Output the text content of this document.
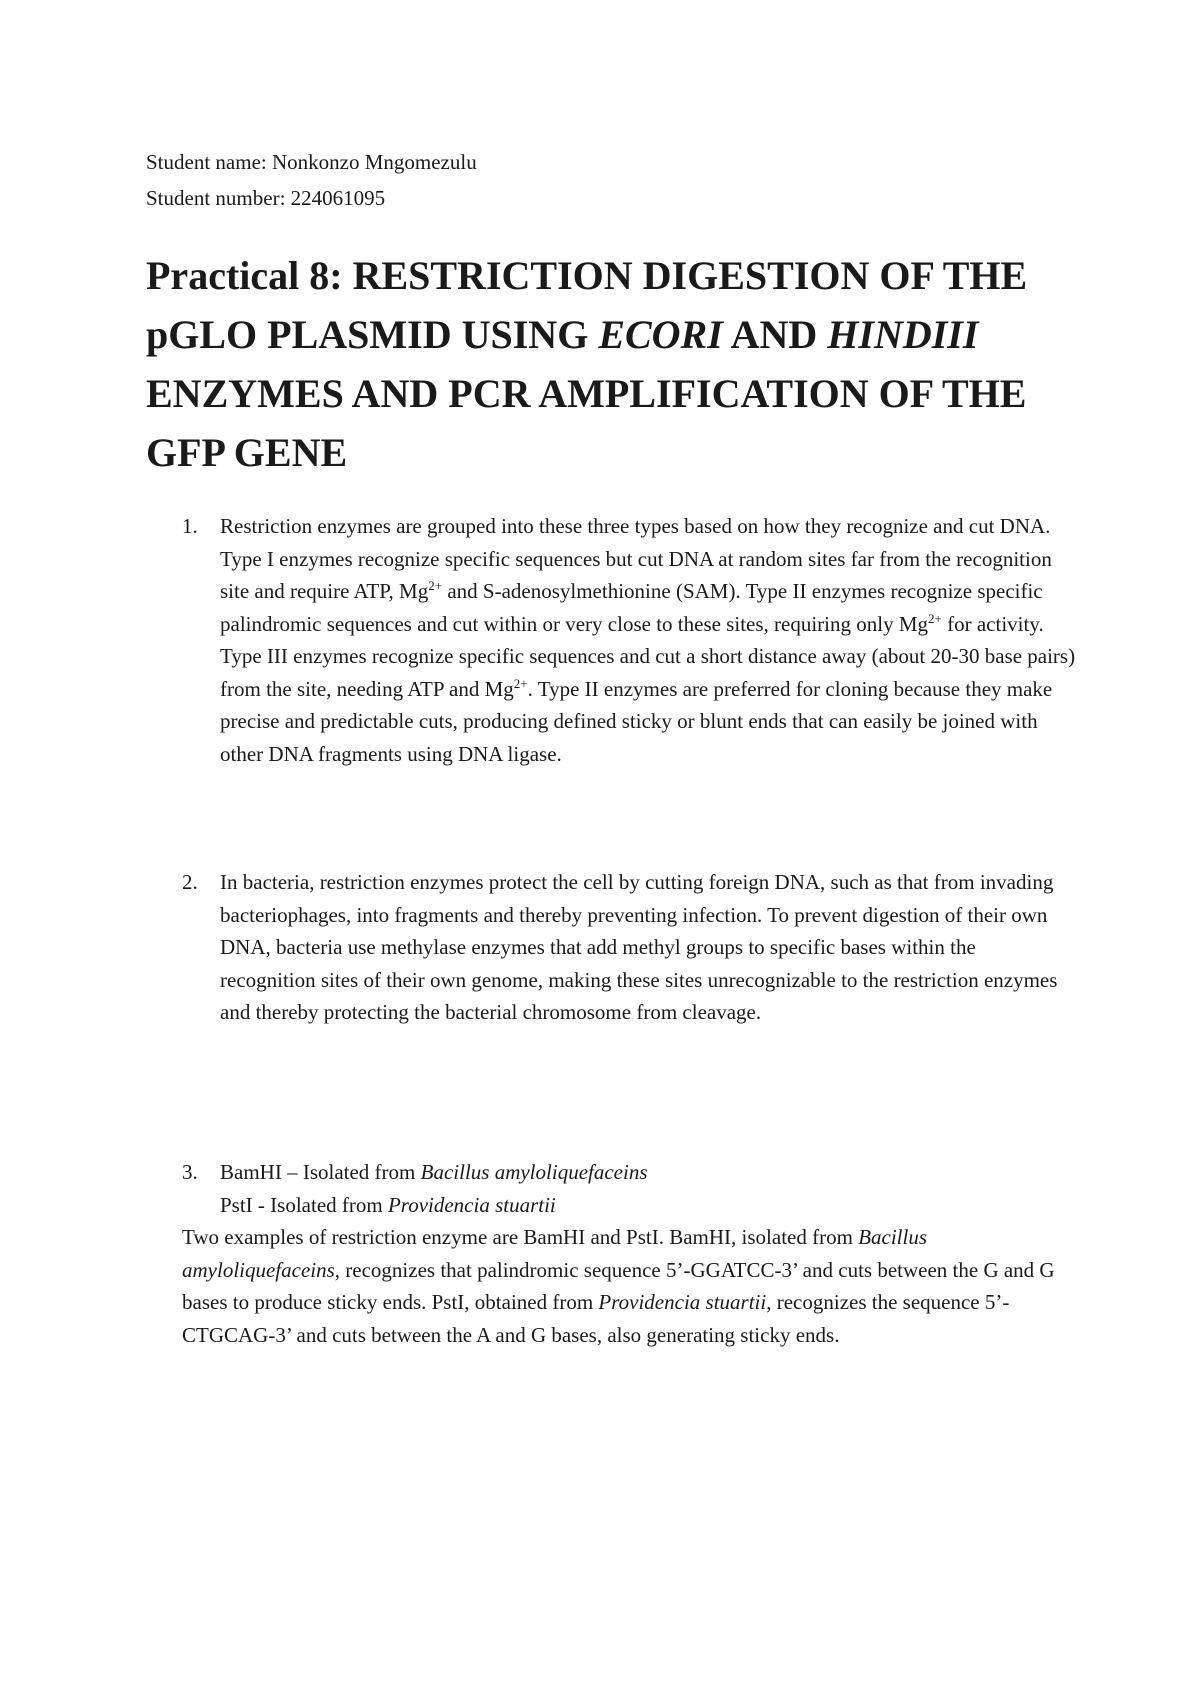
Student name: Nonkonzo Mngomezulu
Student number: 224061095
Practical 8: RESTRICTION DIGESTION OF THE pGLO PLASMID USING ECORI AND HINDIII ENZYMES AND PCR AMPLIFICATION OF THE GFP GENE
1. Restriction enzymes are grouped into these three types based on how they recognize and cut DNA. Type I enzymes recognize specific sequences but cut DNA at random sites far from the recognition site and require ATP, $Mg^{2+}$ and S-adenosylmethionine (SAM). Type II enzymes recognize specific palindromic sequences and cut within or very close to these sites, requiring only $Mg^{2+}$ for activity. Type III enzymes recognize specific sequences and cut a short distance away (about 20-30 base pairs) from the site, needing ATP and $Mg^{2+}$. Type II enzymes are preferred for cloning because they make precise and predictable cuts, producing defined sticky or blunt ends that can easily be joined with other DNA fragments using DNA ligase.
2. In bacteria, restriction enzymes protect the cell by cutting foreign DNA, such as that from invading bacteriophages, into fragments and thereby preventing infection. To prevent digestion of their own DNA, bacteria use methylase enzymes that add methyl groups to specific bases within the recognition sites of their own genome, making these sites unrecognizable to the restriction enzymes and thereby protecting the bacterial chromosome from cleavage.
3. BamHI – Isolated from Bacillus amyloliquefaceins
PstI - Isolated from Providencia stuartii
Two examples of restriction enzyme are BamHI and PstI. BamHI, isolated from Bacillus amyloliquefaceins, recognizes that palindromic sequence 5’-GGATCC-3’ and cuts between the G and G bases to produce sticky ends. PstI, obtained from Providencia stuartii, recognizes the sequence 5’-CTGCAG-3’ and cuts between the A and G bases, also generating sticky ends.
